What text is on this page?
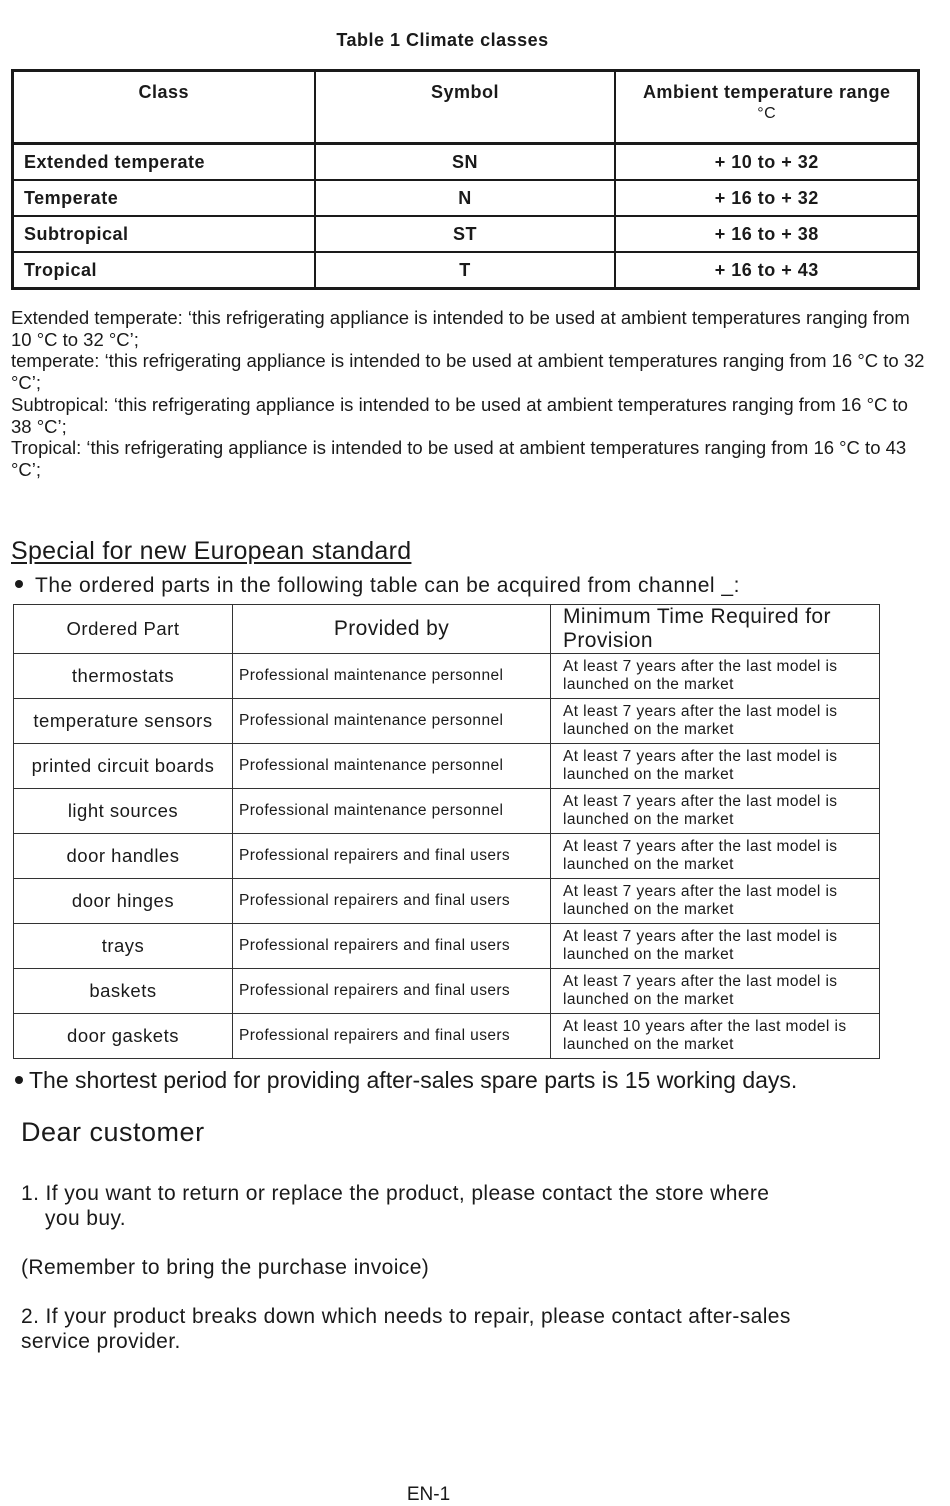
Table 1 Climate classes
Class	Symbol	Ambient temperature range
°C

Extended temperate	SN	+ 10 to + 32
Temperate	N	+ 16 to + 32
Subtropical	ST	+ 16 to + 38
Tropical	T	+ 16 to + 43

Extended temperate: ‘this refrigerating appliance is intended to be used at ambient temperatures ranging from 10 °C to 32 °C’;

temperate: ‘this refrigerating appliance is intended to be used at ambient temperatures ranging from 16 °C to 32 °C’;

Subtropical: ‘this refrigerating appliance is intended to be used at ambient temperatures ranging from 16 °C to 38 °C’;

Tropical: ‘this refrigerating appliance is intended to be used at ambient temperatures ranging from 16 °C to 43 °C’;

Special for new European standard
The ordered parts in the following table can be acquired from channel _:
Ordered Part	Provided by	Minimum Time Required for Provision
thermostats	Professional maintenance personnel	At least 7 years after the last model is launched on the market
temperature sensors	Professional maintenance personnel	At least 7 years after the last model is launched on the market
printed circuit boards	Professional maintenance personnel	At least 7 years after the last model is launched on the market
light sources	Professional maintenance personnel	At least 7 years after the last model is launched on the market
door handles	Professional repairers and final users	At least 7 years after the last model is launched on the market
door hinges	Professional repairers and final users	At least 7 years after the last model is launched on the market
trays	Professional repairers and final users	At least 7 years after the last model is launched on the market
baskets	Professional repairers and final users	At least 7 years after the last model is launched on the market
door gaskets	Professional repairers and final users	At least 10 years after the last model is launched on the market
The shortest period for providing after-sales spare parts is 15 working days.
Dear customer

1. If you want to return or replace the product, please contact the store where
you buy.

(Remember to bring the purchase invoice)

2. If your product breaks down which needs to repair, please contact after-sales
service provider.

EN-1
